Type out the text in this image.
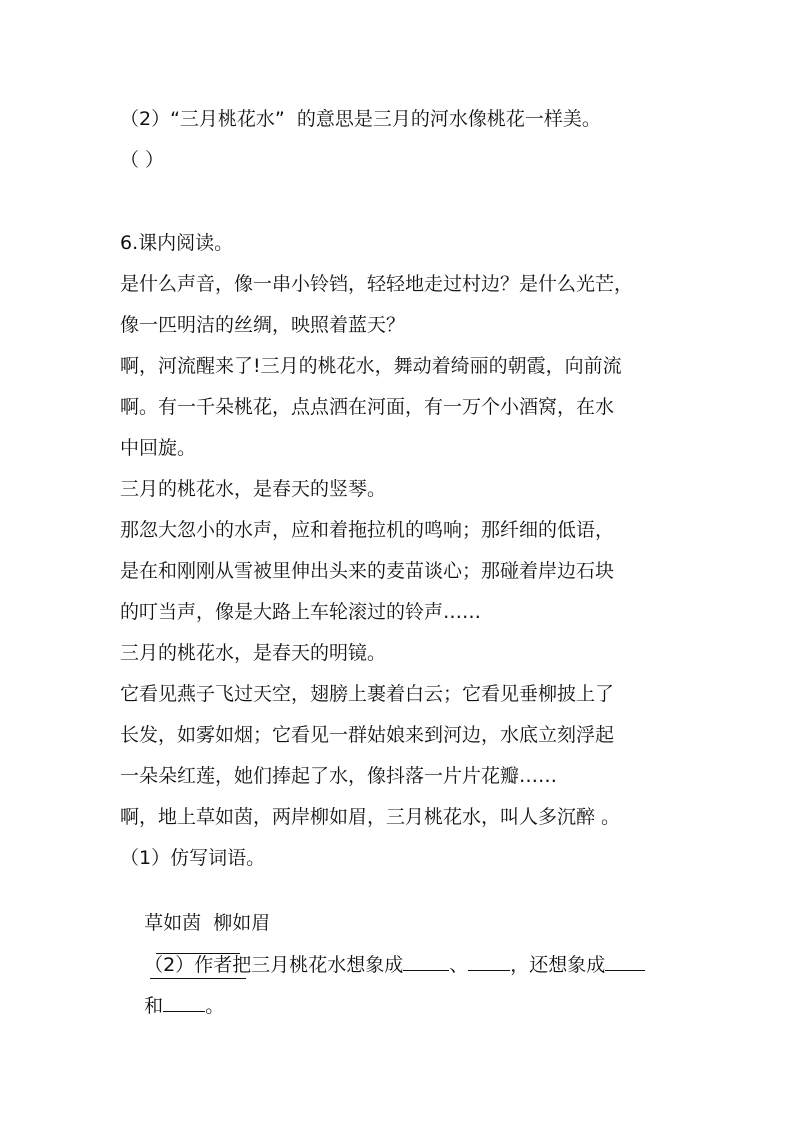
（2）“三月桃花水”  的意思是三月的河水像桃花一样美。
（ ）
6.课内阅读。
是什么声音，像一串小铃铛，轻轻地走过村边？是什么光芒，
像一匹明洁的丝绸，映照着蓝天？
啊，河流醒来了!三月的桃花水，舞动着绮丽的朝霞，向前流
啊。有一千朵桃花，点点洒在河面，有一万个小酒窝，在水
中回旋。
三月的桃花水，是春天的竖琴。
那忽大忽小的水声，应和着拖拉机的鸣响；那纤细的低语，
是在和刚刚从雪被里伸出头来的麦苗谈心；那碰着岸边石块
的叮当声，像是大路上车轮滚过的铃声……
三月的桃花水，是春天的明镜。
它看见燕子飞过天空，翅膀上裹着白云；它看见垂柳披上了
长发，如雾如烟；它看见一群姑娘来到河边，水底立刻浮起
一朵朵红莲，她们捧起了水，像抖落一片片花瓣……
啊，地上草如茵，两岸柳如眉，三月桃花水，叫人多沉醉 。
（1）仿写词语。

草如茵  柳如眉

（2）作者把三月桃花水想象成 、 ，还想象成

和 。
